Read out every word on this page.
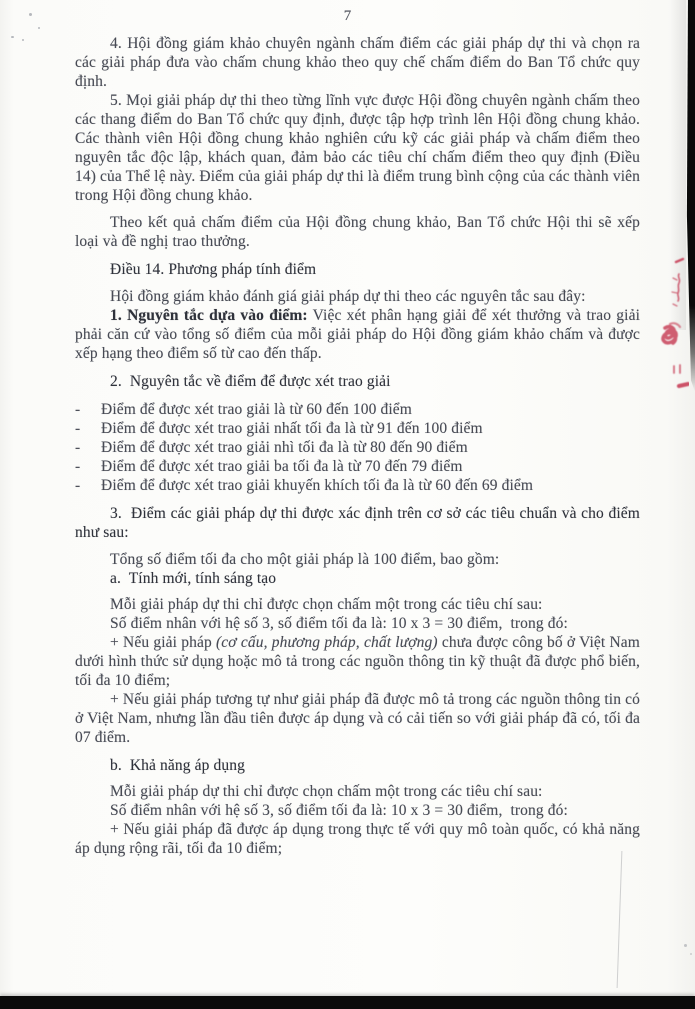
7

4. Hội đồng giám khảo chuyên ngành chấm điểm các giải pháp dự thi và chọn ra các giải pháp đưa vào chấm chung khảo theo quy chế chấm điểm do Ban Tổ chức quy định.

5. Mọi giải pháp dự thi theo từng lĩnh vực được Hội đồng chuyên ngành chấm theo các thang điểm do Ban Tổ chức quy định, được tập hợp trình lên Hội đồng chung khảo. Các thành viên Hội đồng chung khảo nghiên cứu kỹ các giải pháp và chấm điểm theo nguyên tắc độc lập, khách quan, đảm bảo các tiêu chí chấm điểm theo quy định (Điều 14) của Thể lệ này. Điểm của giải pháp dự thi là điểm trung bình cộng của các thành viên trong Hội đồng chung khảo.

Theo kết quả chấm điểm của Hội đồng chung khảo, Ban Tổ chức Hội thi sẽ xếp loại và đề nghị trao thưởng.

Điều 14. Phương pháp tính điểm

Hội đồng giám khảo đánh giá giải pháp dự thi theo các nguyên tắc sau đây:

1. Nguyên tắc dựa vào điểm: Việc xét phân hạng giải để xét thưởng và trao giải phải căn cứ vào tổng số điểm của mỗi giải pháp do Hội đồng giám khảo chấm và được xếp hạng theo điểm số từ cao đến thấp.

2.  Nguyên tắc về điểm để được xét trao giải
-	Điểm để được xét trao giải là từ 60 đến 100 điểm
-	Điểm để được xét trao giải nhất tối đa là từ 91 đến 100 điểm
-	Điểm để được xét trao giải nhì tối đa là từ 80 đến 90 điểm
-	Điểm để được xét trao giải ba tối đa là từ 70 đến 79 điểm
-	Điểm để được xét trao giải khuyến khích tối đa là từ 60 đến 69 điểm
3.  Điểm các giải pháp dự thi được xác định trên cơ sở các tiêu chuẩn và cho điểm như sau:

Tổng số điểm tối đa cho một giải pháp là 100 điểm, bao gồm:

a.  Tính mới, tính sáng tạo

Mỗi giải pháp dự thi chỉ được chọn chấm một trong các tiêu chí sau:

Số điểm nhân với hệ số 3, số điểm tối đa là: 10 x 3 = 30 điểm,  trong đó:

+ Nếu giải pháp (cơ cấu, phương pháp, chất lượng) chưa được công bố ở Việt Nam dưới hình thức sử dụng hoặc mô tả trong các nguồn thông tin kỹ thuật đã được phổ biến, tối đa 10 điểm;

+ Nếu giải pháp tương tự như giải pháp đã được mô tả trong các nguồn thông tin có ở Việt Nam, nhưng lần đầu tiên được áp dụng và có cải tiến so với giải pháp đã có, tối đa 07 điểm.

b.  Khả năng áp dụng

Mỗi giải pháp dự thi chỉ được chọn chấm một trong các tiêu chí sau:

Số điểm nhân với hệ số 3, số điểm tối đa là: 10 x 3 = 30 điểm,  trong đó:

+ Nếu giải pháp đã được áp dụng trong thực tế với quy mô toàn quốc, có khả năng áp dụng rộng rãi, tối đa 10 điểm;
